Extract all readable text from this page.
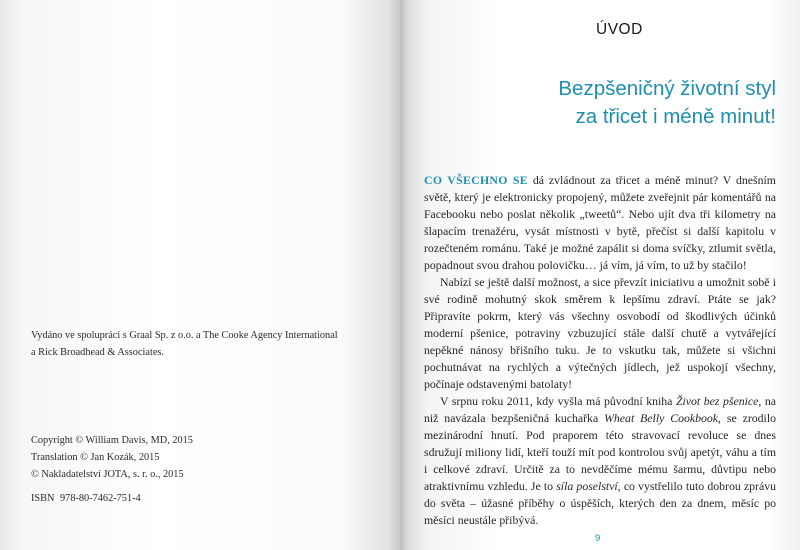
Vydáno ve spolupráci s Graal Sp. z o.o. a The Cooke Agency International
a Rick Broadhead & Associates.
Copyright © William Davis, MD, 2015
Translation © Jan Kozák, 2015
© Nakladatelství JOTA, s. r. o., 2015
ISBN 978-80-7462-751-4
ÚVOD
Bezpšeničný životní styl
za třicet i méně minut!

CO VŠECHNO SE dá zvládnout za třicet a méně minut? V dnešním světě, který je elektronicky propojený, můžete zveřejnit pár komentářů na Facebooku nebo poslat několik „tweetů“. Nebo ujít dva tři kilometry na šlapacím trenažéru, vysát místnosti v bytě, přečíst si další kapitolu v rozečteném románu. Také je možné zapálit si doma svíčky, ztlumit světla, popadnout svou drahou polovičku… já vím, já vím, to už by stačilo!

Nabízí se ještě další možnost, a sice převzít iniciativu a umožnit sobě i své rodině mohutný skok směrem k lepšímu zdraví. Ptáte se jak? Připravíte pokrm, který vás všechny osvobodí od škodlivých účinků moderní pšenice, potraviny vzbuzující stále další chutě a vytvářející nepěkné nánosy břišního tuku. Je to vskutku tak, můžete si všichni pochutnávat na rychlých a výtečných jídlech, jež uspokojí všechny, počínaje odstavenými batolaty!

V srpnu roku 2011, kdy vyšla má původní kniha Život bez pšenice, na niž navázala bezpšeničná kuchařka Wheat Belly Cookbook, se zrodilo mezinárodní hnutí. Pod praporem této stravovací revoluce se dnes sdružují miliony lidí, kteří touží mít pod kontrolou svůj apetýt, váhu a tím i celkové zdraví. Určitě za to nevděčíme mému šarmu, důvtipu nebo atraktivnímu vzhledu. Je to síla poselství, co vystřelilo tuto dobrou zprávu do světa – úžasné příběhy o úspěších, kterých den za dnem, měsíc po měsíci neustále přibývá.

9
